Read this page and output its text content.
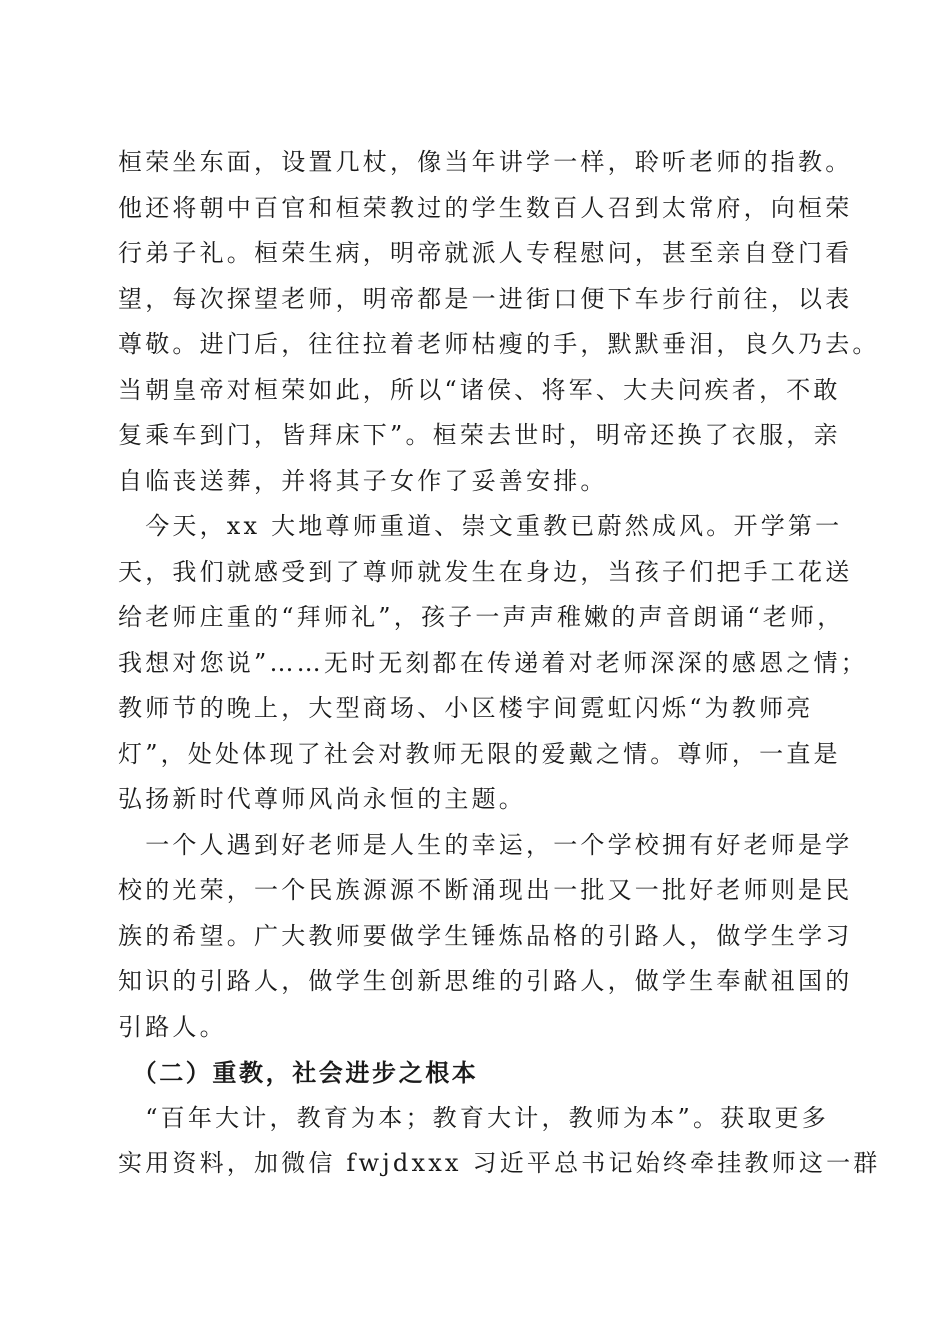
桓荣坐东面，设置几杖，像当年讲学一样，聆听老师的指教。
他还将朝中百官和桓荣教过的学生数百人召到太常府，向桓荣
行弟子礼。桓荣生病，明帝就派人专程慰问，甚至亲自登门看
望，每次探望老师，明帝都是一进街口便下车步行前往，以表
尊敬。进门后，往往拉着老师枯瘦的手，默默垂泪，良久乃去。
当朝皇帝对桓荣如此，所以“诸侯、将军、大夫问疾者，不敢
复乘车到门，皆拜床下”。桓荣去世时，明帝还换了衣服，亲
自临丧送葬，并将其子女作了妥善安排。
　今天，xx 大地尊师重道、崇文重教已蔚然成风。开学第一
天，我们就感受到了尊师就发生在身边，当孩子们把手工花送
给老师庄重的“拜师礼”，孩子一声声稚嫩的声音朗诵“老师，
我想对您说”……无时无刻都在传递着对老师深深的感恩之情；
教师节的晚上，大型商场、小区楼宇间霓虹闪烁“为教师亮
灯”，处处体现了社会对教师无限的爱戴之情。尊师，一直是
弘扬新时代尊师风尚永恒的主题。
　一个人遇到好老师是人生的幸运，一个学校拥有好老师是学
校的光荣，一个民族源源不断涌现出一批又一批好老师则是民
族的希望。广大教师要做学生锤炼品格的引路人，做学生学习
知识的引路人，做学生创新思维的引路人，做学生奉献祖国的
引路人。
　（二）重教，社会进步之根本
　“百年大计，教育为本；教育大计，教师为本”。获取更多
实用资料，加微信 fwjdxxx 习近平总书记始终牵挂教师这一群
